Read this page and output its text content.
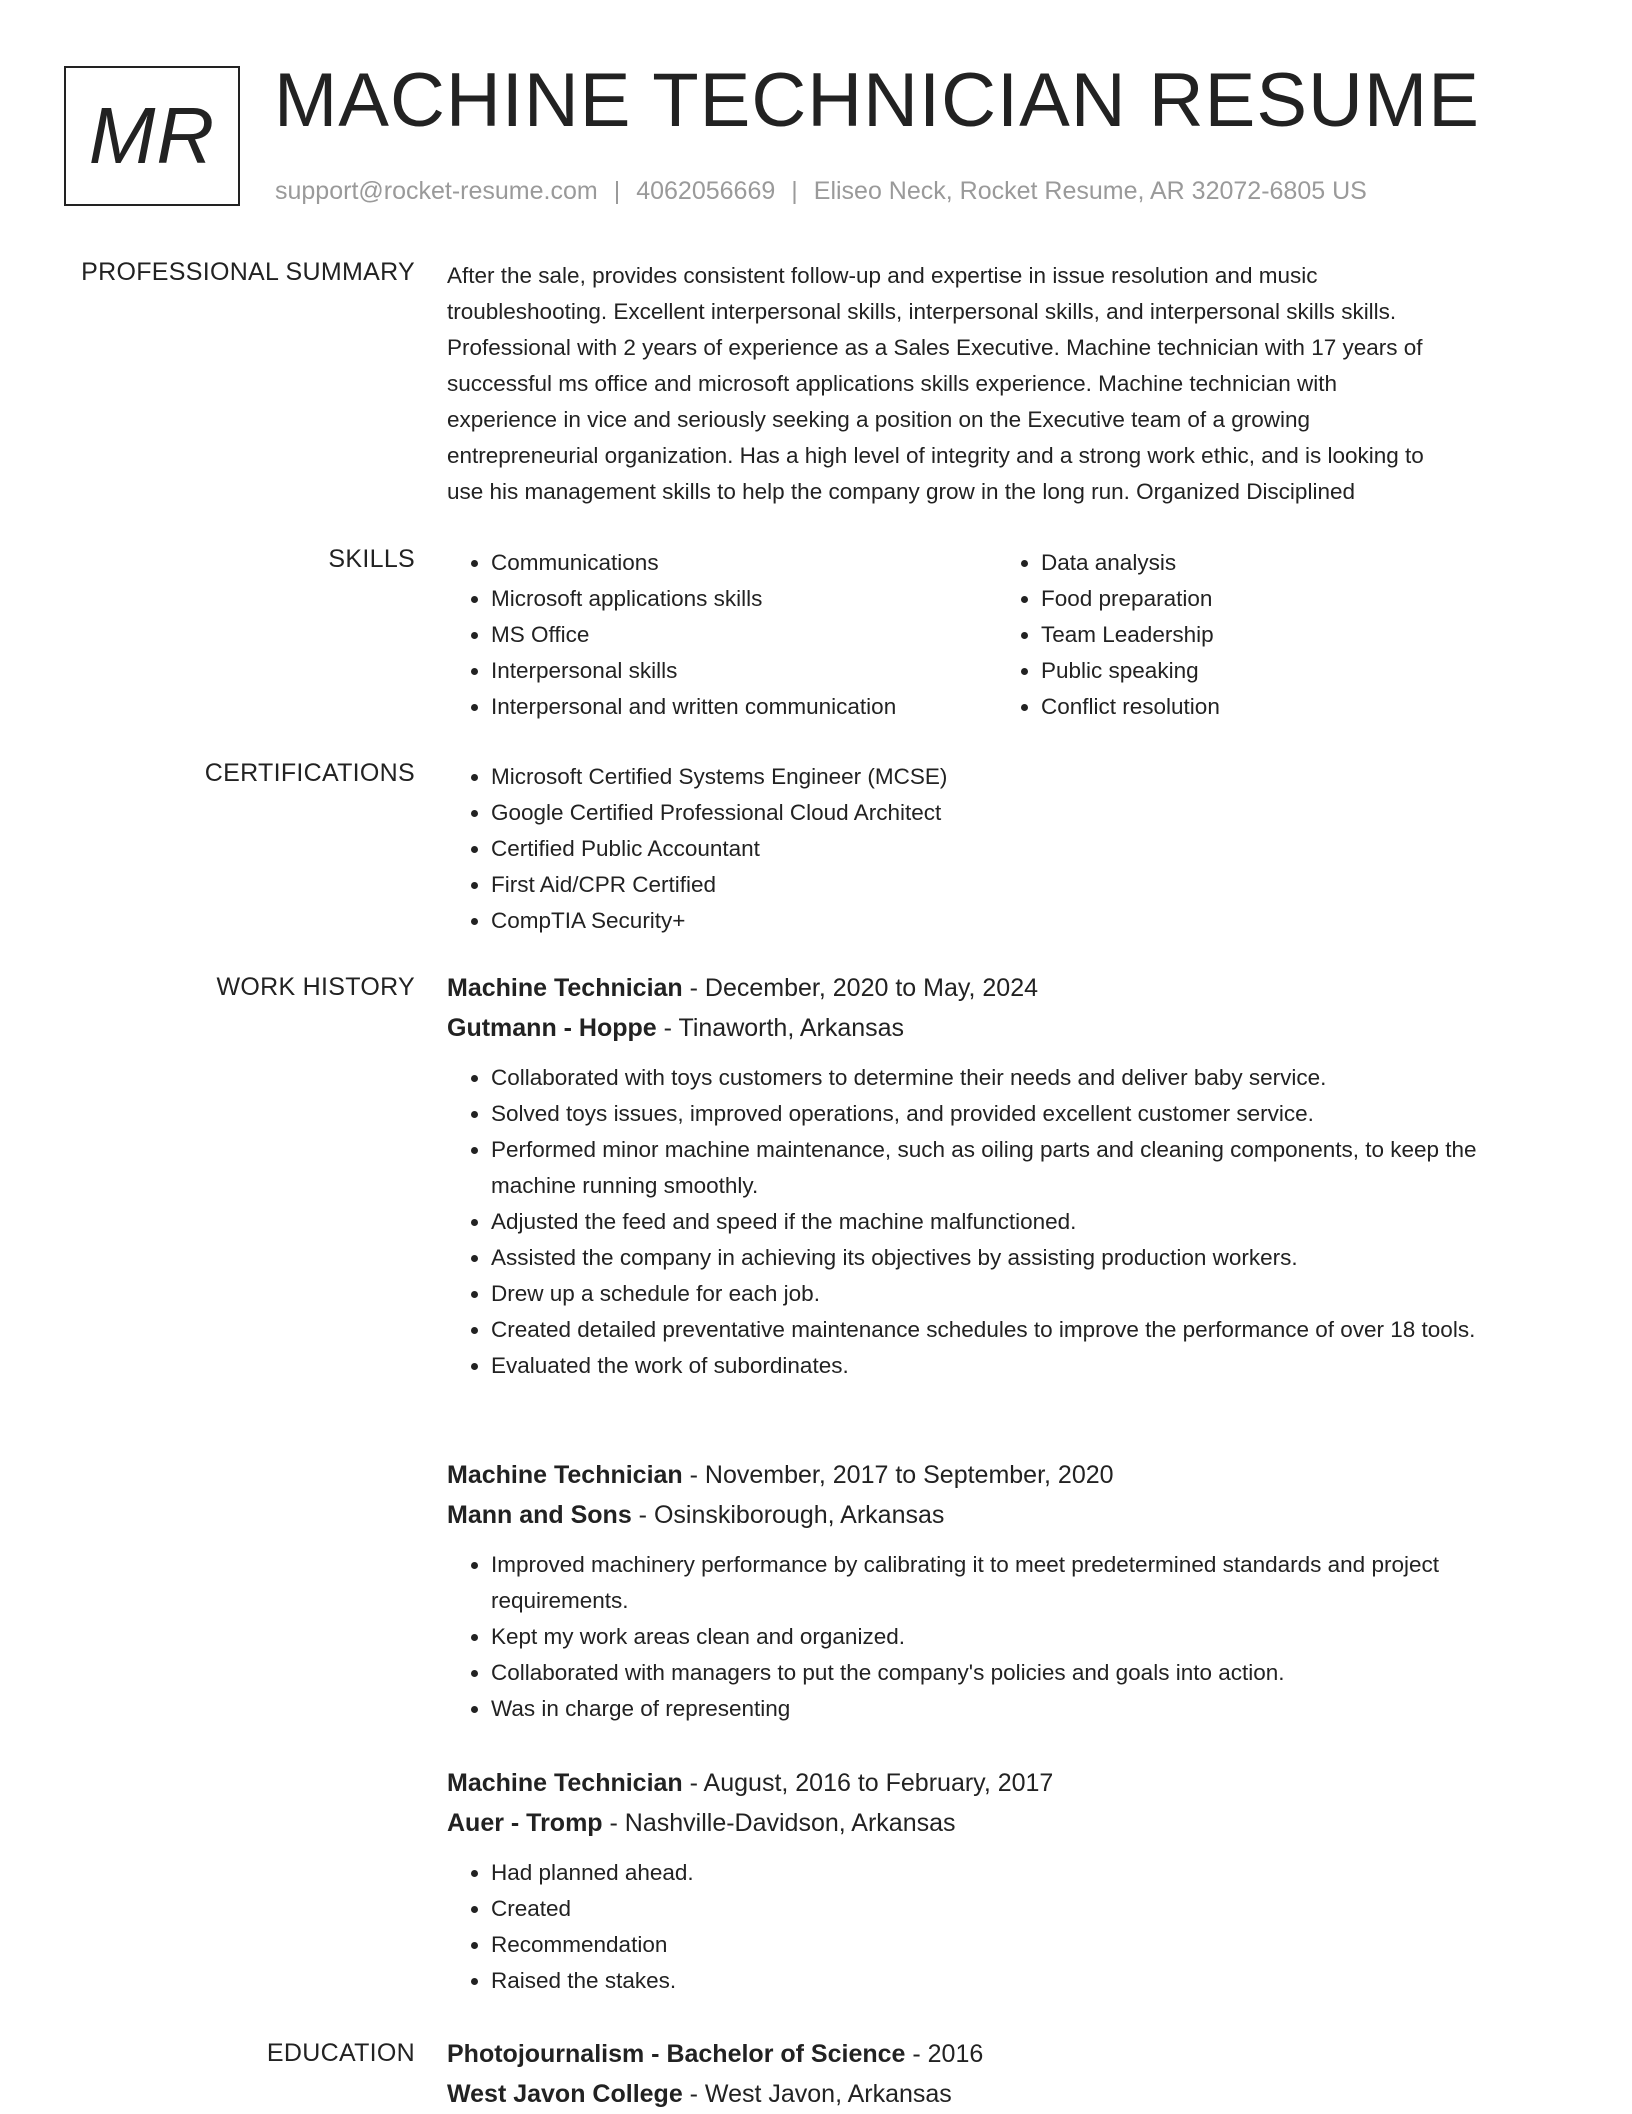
MR MACHINE TECHNICIAN RESUME
support@rocket-resume.com | 4062056669 | Eliseo Neck, Rocket Resume, AR 32072-6805 US
PROFESSIONAL SUMMARY After the sale, provides consistent follow-up and expertise in issue resolution and music
troubleshooting. Excellent interpersonal skills, interpersonal skills, and interpersonal skills skills.
Professional with 2 years of experience as a Sales Executive. Machine technician with 17 years of
successful ms office and microsoft applications skills experience. Machine technician with
experience in vice and seriously seeking a position on the Executive team of a growing
entrepreneurial organization. Has a high level of integrity and a strong work ethic, and is looking to
use his management skills to help the company grow in the long run. Organized Disciplined

SKILLS	• Communications
• Microsoft applications skills
• MS Office
• Interpersonal skills
• Interpersonal and written communication
• Data analysis
• Food preparation
• Team Leadership
• Public speaking
• Conflict resolution
CERTIFICATIONS	• Microsoft Certified Systems Engineer (MCSE)
• Google Certified Professional Cloud Architect
• Certified Public Accountant
• First Aid/CPR Certified
• CompTIA Security+
WORK HISTORY Machine Technician - December, 2020 to May, 2024
Gutmann - Hoppe - Tinaworth, Arkansas
• Collaborated with toys customers to determine their needs and deliver baby service.
• Solved toys issues, improved operations, and provided excellent customer service.
• Performed minor machine maintenance, such as oiling parts and cleaning components, to keep the machine running smoothly.
• Adjusted the feed and speed if the machine malfunctioned.
• Assisted the company in achieving its objectives by assisting production workers.
• Drew up a schedule for each job.
• Created detailed preventative maintenance schedules to improve the performance of over 18 tools.
• Evaluated the work of subordinates.
Machine Technician - November, 2017 to September, 2020
Mann and Sons - Osinskiborough, Arkansas
• Improved machinery performance by calibrating it to meet predetermined standards and project requirements.
• Kept my work areas clean and organized.
• Collaborated with managers to put the company's policies and goals into action.
• Was in charge of representing
Machine Technician - August, 2016 to February, 2017
Auer - Tromp - Nashville-Davidson, Arkansas
• Had planned ahead.
• Created
• Recommendation
• Raised the stakes.
EDUCATION Photojournalism - Bachelor of Science - 2016
West Javon College - West Javon, Arkansas
